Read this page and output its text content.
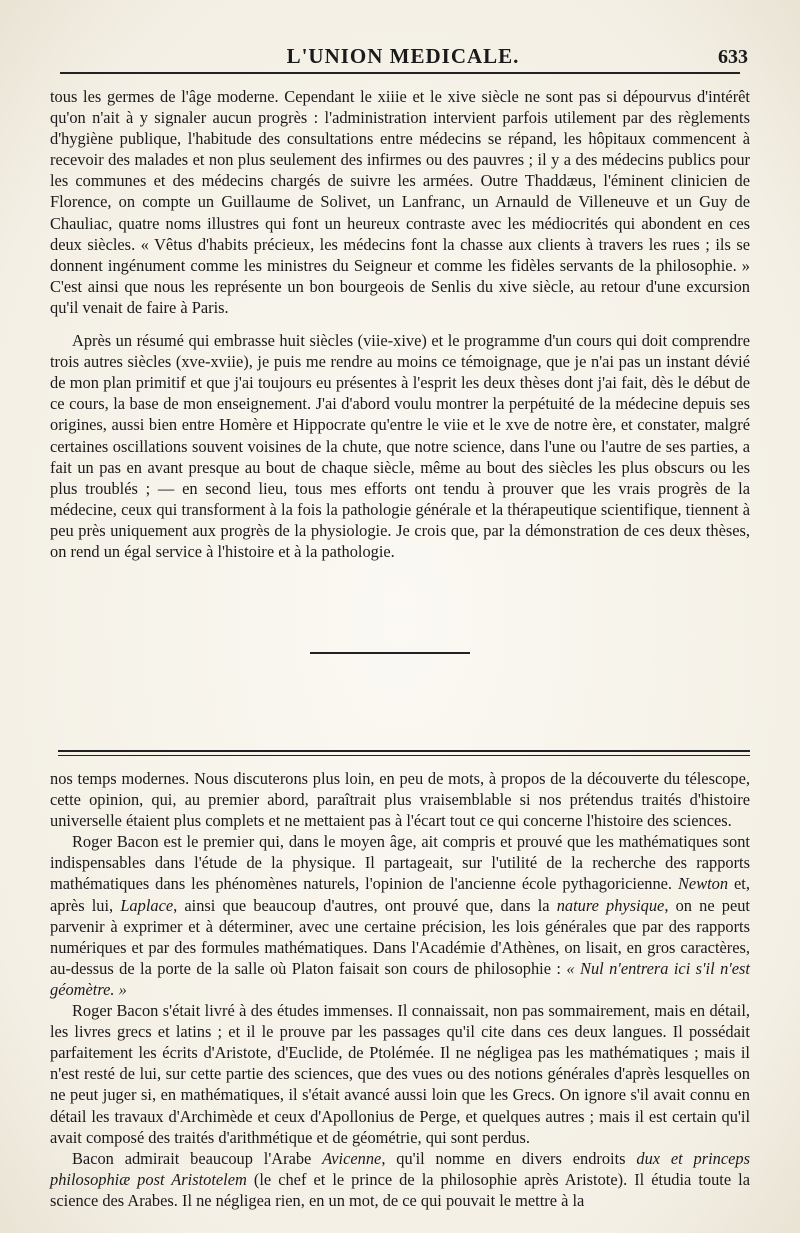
L'UNION MEDICALE.	633

tous les germes de l'âge moderne. Cependant le xiiie et le xive siècle ne sont pas si dépourvus d'intérêt qu'on n'ait à y signaler aucun progrès : l'administration intervient parfois utilement par des règlements d'hygiène publique, l'habitude des consultations entre médecins se répand, les hôpitaux commencent à recevoir des malades et non plus seulement des infirmes ou des pauvres ; il y a des médecins publics pour les communes et des médecins chargés de suivre les armées. Outre Thaddæus, l'éminent clinicien de Florence, on compte un Guillaume de Solivet, un Lanfranc, un Arnauld de Villeneuve et un Guy de Chauliac, quatre noms illustres qui font un heureux contraste avec les médiocrités qui abondent en ces deux siècles. « Vêtus d'habits précieux, les médecins font la chasse aux clients à travers les rues ; ils se donnent ingénument comme les ministres du Seigneur et comme les fidèles servants de la philosophie. » C'est ainsi que nous les représente un bon bourgeois de Senlis du xive siècle, au retour d'une excursion qu'il venait de faire à Paris.

Après un résumé qui embrasse huit siècles (viie-xive) et le programme d'un cours qui doit comprendre trois autres siècles (xve-xviie), je puis me rendre au moins ce témoignage, que je n'ai pas un instant dévié de mon plan primitif et que j'ai toujours eu présentes à l'esprit les deux thèses dont j'ai fait, dès le début de ce cours, la base de mon enseignement. J'ai d'abord voulu montrer la perpétuité de la médecine depuis ses origines, aussi bien entre Homère et Hippocrate qu'entre le viie et le xve de notre ère, et constater, malgré certaines oscillations souvent voisines de la chute, que notre science, dans l'une ou l'autre de ses parties, a fait un pas en avant presque au bout de chaque siècle, même au bout des siècles les plus obscurs ou les plus troublés ; — en second lieu, tous mes efforts ont tendu à prouver que les vrais progrès de la médecine, ceux qui transforment à la fois la pathologie générale et la thérapeutique scientifique, tiennent à peu près uniquement aux progrès de la physiologie. Je crois que, par la démonstration de ces deux thèses, on rend un égal service à l'histoire et à la pathologie.

nos temps modernes. Nous discuterons plus loin, en peu de mots, à propos de la découverte du télescope, cette opinion, qui, au premier abord, paraîtrait plus vraisemblable si nos prétendus traités d'histoire universelle étaient plus complets et ne mettaient pas à l'écart tout ce qui concerne l'histoire des sciences.

Roger Bacon est le premier qui, dans le moyen âge, ait compris et prouvé que les mathématiques sont indispensables dans l'étude de la physique. Il partageait, sur l'utilité de la recherche des rapports mathématiques dans les phénomènes naturels, l'opinion de l'ancienne école pythagoricienne. Newton et, après lui, Laplace, ainsi que beaucoup d'autres, ont prouvé que, dans la nature physique, on ne peut parvenir à exprimer et à déterminer, avec une certaine précision, les lois générales que par des rapports numériques et par des formules mathématiques. Dans l'Académie d'Athènes, on lisait, en gros caractères, au-dessus de la porte de la salle où Platon faisait son cours de philosophie : « Nul n'entrera ici s'il n'est géomètre. »

Roger Bacon s'était livré à des études immenses. Il connaissait, non pas sommairement, mais en détail, les livres grecs et latins ; et il le prouve par les passages qu'il cite dans ces deux langues. Il possédait parfaitement les écrits d'Aristote, d'Euclide, de Ptolémée. Il ne négligea pas les mathématiques ; mais il n'est resté de lui, sur cette partie des sciences, que des vues ou des notions générales d'après lesquelles on ne peut juger si, en mathématiques, il s'était avancé aussi loin que les Grecs. On ignore s'il avait connu en détail les travaux d'Archimède et ceux d'Apollonius de Perge, et quelques autres ; mais il est certain qu'il avait composé des traités d'arithmétique et de géométrie, qui sont perdus.

Bacon admirait beaucoup l'Arabe Avicenne, qu'il nomme en divers endroits dux et princeps philosophiæ post Aristotelem (le chef et le prince de la philosophie après Aristote). Il étudia toute la science des Arabes. Il ne négligea rien, en un mot, de ce qui pouvait le mettre à la
